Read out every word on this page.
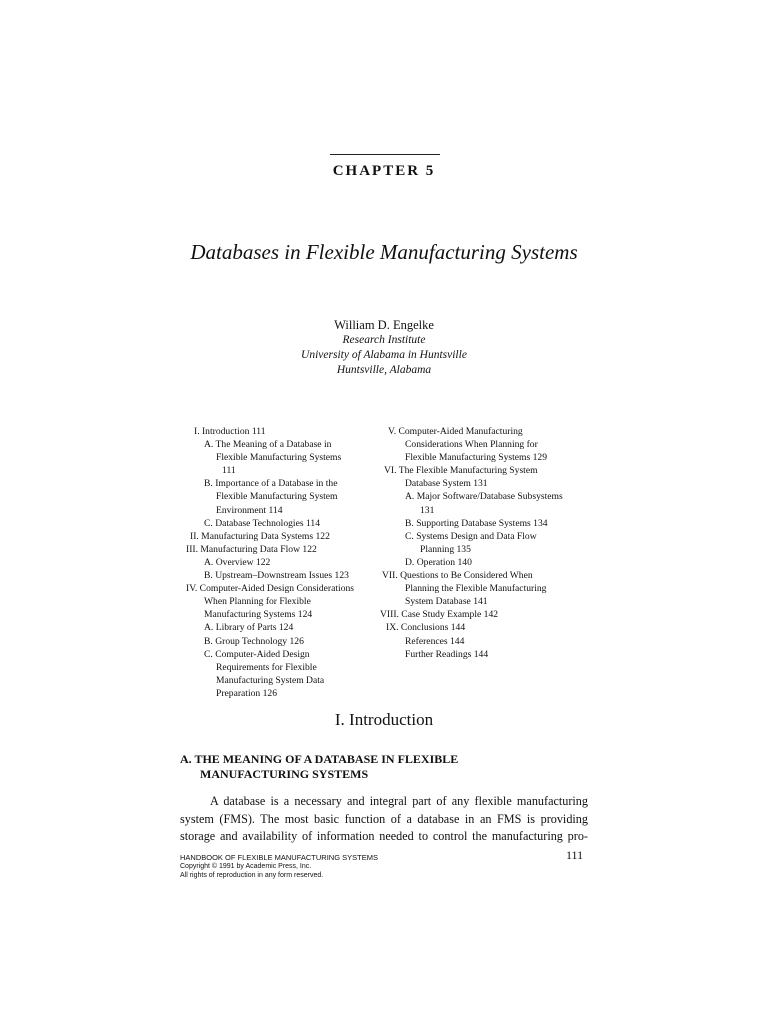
CHAPTER 5
Databases in Flexible Manufacturing Systems
William D. Engelke
Research Institute
University of Alabama in Huntsville
Huntsville, Alabama
I. Introduction 111
A. The Meaning of a Database in
Flexible Manufacturing Systems
111
B. Importance of a Database in the
Flexible Manufacturing System
Environment 114
C. Database Technologies 114
II. Manufacturing Data Systems 122
III. Manufacturing Data Flow 122
A. Overview 122
B. Upstream–Downstream Issues 123
IV. Computer-Aided Design Considerations
When Planning for Flexible
Manufacturing Systems 124
A. Library of Parts 124
B. Group Technology 126
C. Computer-Aided Design
Requirements for Flexible
Manufacturing System Data
Preparation 126
V. Computer-Aided Manufacturing
Considerations When Planning for
Flexible Manufacturing Systems 129
VI. The Flexible Manufacturing System
Database System 131
A. Major Software/Database Subsystems
131
B. Supporting Database Systems 134
C. Systems Design and Data Flow
Planning 135
D. Operation 140
VII. Questions to Be Considered When
Planning the Flexible Manufacturing
System Database 141
VIII. Case Study Example 142
IX. Conclusions 144
References 144
Further Readings 144
I. Introduction
A. THE MEANING OF A DATABASE IN FLEXIBLE
MANUFACTURING SYSTEMS
A database is a necessary and integral part of any flexible manufacturing
system (FMS). The most basic function of a database in an FMS is providing
storage and availability of information needed to control the manufacturing pro-
HANDBOOK OF FLEXIBLE MANUFACTURING SYSTEMS
Copyright © 1991 by Academic Press, Inc.
All rights of reproduction in any form reserved.
111
